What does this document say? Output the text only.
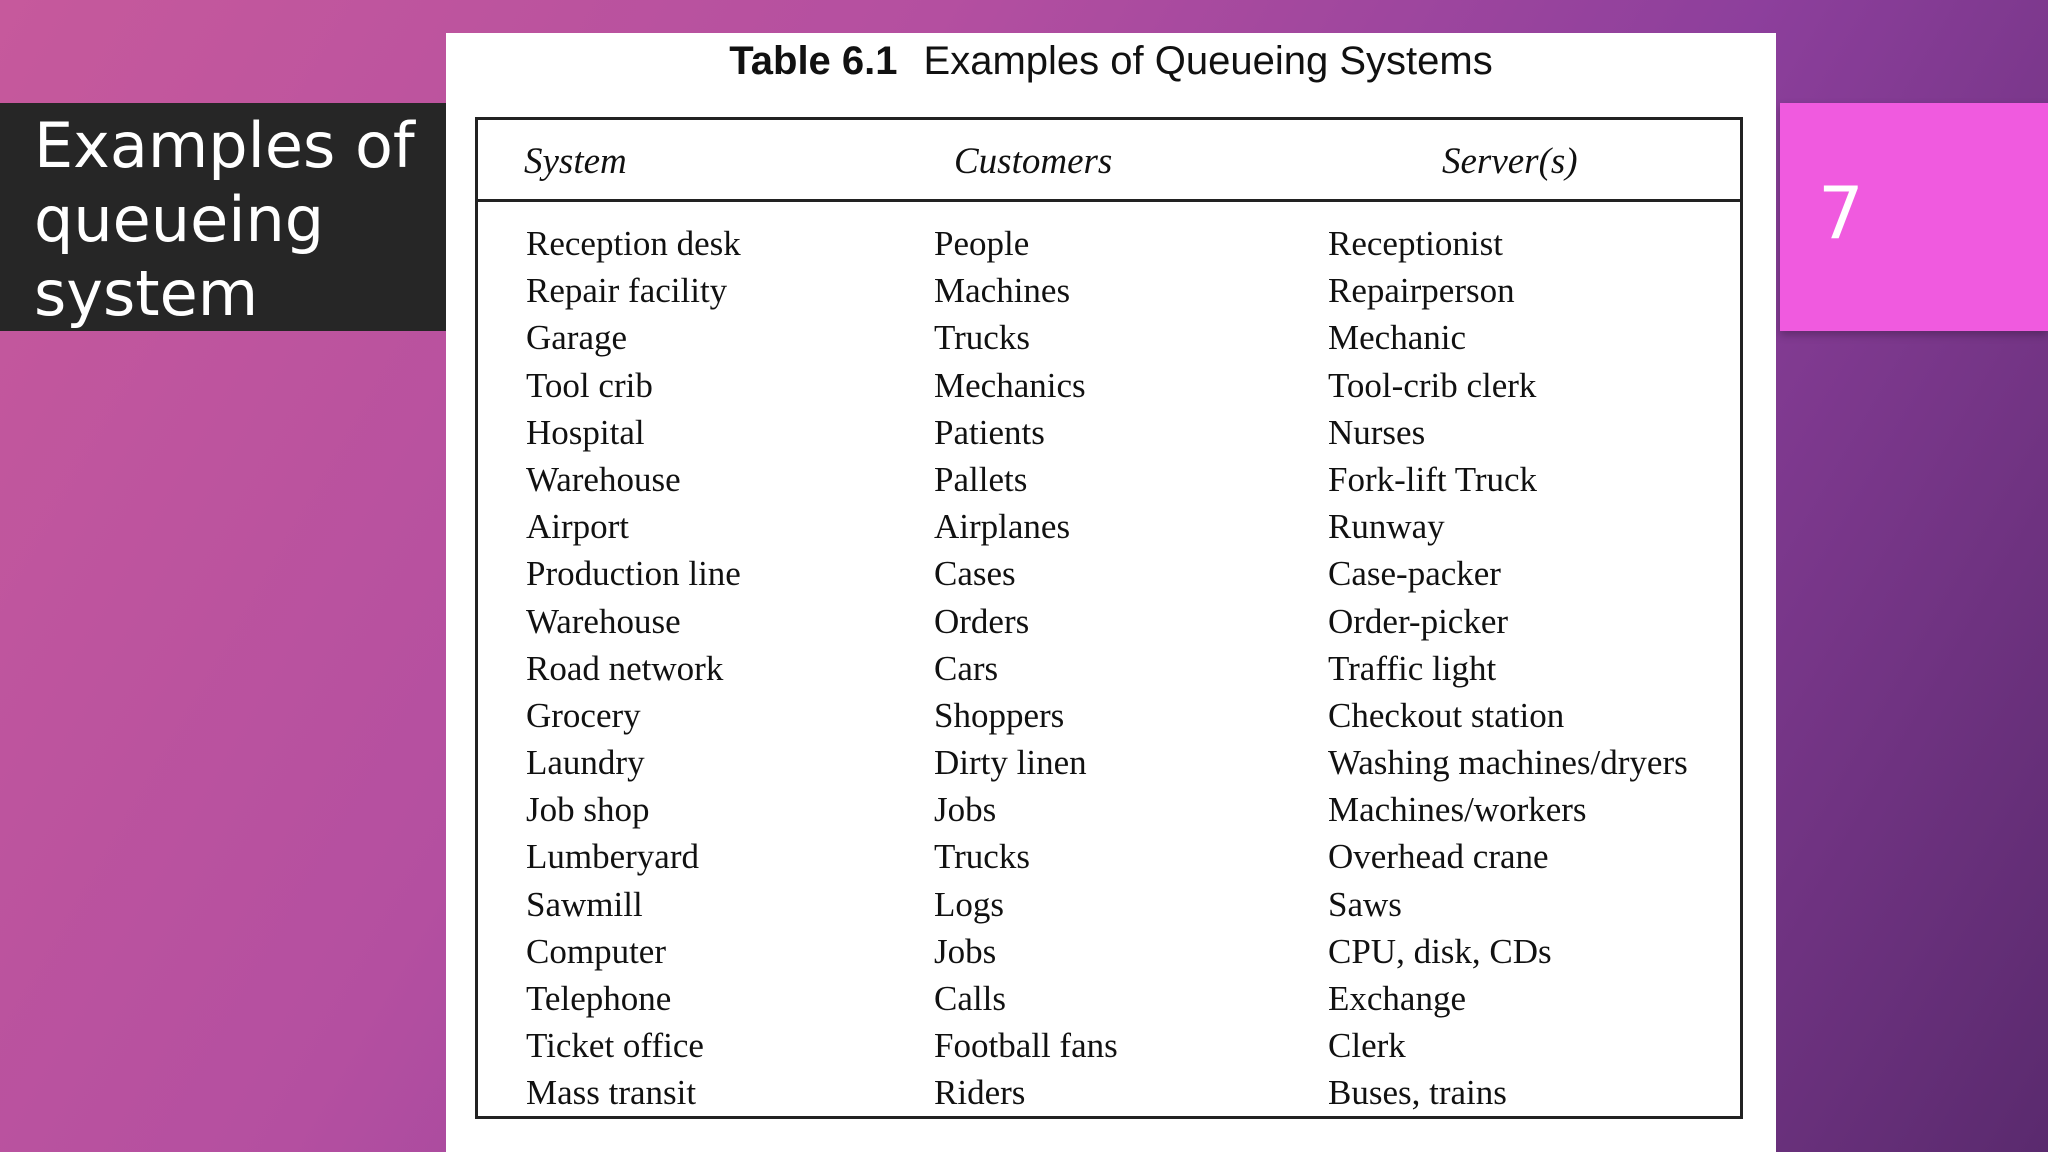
Examples of
queueing
system

7
Table 6.1 Examples of Queueing Systems
System	Customers	Server(s)
Reception desk	People	Receptionist
Repair facility	Machines	Repairperson
Garage	Trucks	Mechanic
Tool crib	Mechanics	Tool-crib clerk
Hospital	Patients	Nurses
Warehouse	Pallets	Fork-lift Truck
Airport	Airplanes	Runway
Production line	Cases	Case-packer
Warehouse	Orders	Order-picker
Road network	Cars	Traffic light
Grocery	Shoppers	Checkout station
Laundry	Dirty linen	Washing machines/dryers
Job shop	Jobs	Machines/workers
Lumberyard	Trucks	Overhead crane
Sawmill	Logs	Saws
Computer	Jobs	CPU, disk, CDs
Telephone	Calls	Exchange
Ticket office	Football fans	Clerk
Mass transit	Riders	Buses, trains
